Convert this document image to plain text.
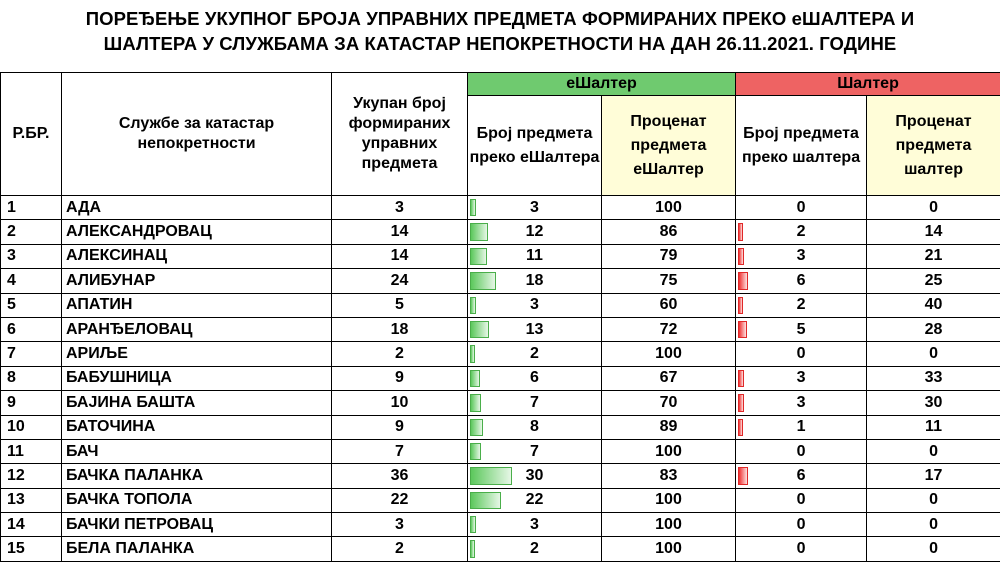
ПОРЕЂЕЊЕ УКУПНОГ БРОЈА УПРАВНИХ ПРЕДМЕТА ФОРМИРАНИХ ПРЕКО еШАЛТЕРА И
ШАЛТЕРА У СЛУЖБАМА ЗА КАТАСТАР НЕПОКРЕТНОСТИ НА ДАН 26.11.2021. ГОДИНЕ
Р.БР.	Службе за катастар непокретности	Укупан број формираних управних предмета	еШалтер		Шалтер	
			Број предмета преко еШалтера	Проценат предмета еШалтер	Број предмета преко шалтера	Проценат предмета шалтер
1	АДА	3	3	100	0	0
2	АЛЕКСАНДРОВАЦ	14	12	86	2	14
3	АЛЕКСИНАЦ	14	11	79	3	21
4	АЛИБУНАР	24	18	75	6	25
5	АПАТИН	5	3	60	2	40
6	АРАНЂЕЛОВАЦ	18	13	72	5	28
7	АРИЉЕ	2	2	100	0	0
8	БАБУШНИЦА	9	6	67	3	33
9	БАЈИНА БАШТА	10	7	70	3	30
10	БАТОЧИНА	9	8	89	1	11
11	БАЧ	7	7	100	0	0
12	БАЧКА ПАЛАНКА	36	30	83	6	17
13	БАЧКА ТОПОЛА	22	22	100	0	0
14	БАЧКИ ПЕТРОВАЦ	3	3	100	0	0
15	БЕЛА ПАЛАНКА	2	2	100	0	0
